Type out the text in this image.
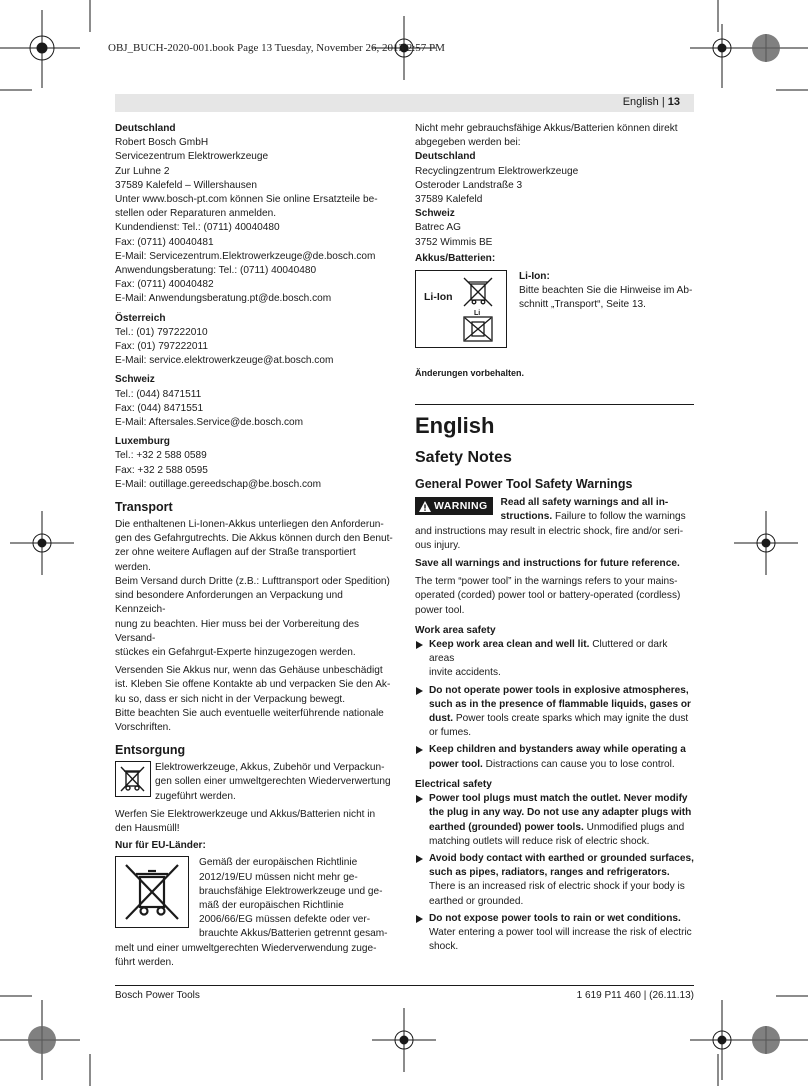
OBJ_BUCH-2020-001.book Page 13 Tuesday, November 26, 2013 2:57 PM
English | 13

Deutschland

Robert Bosch GmbH

Servicezentrum Elektrowerkzeuge

Zur Luhne 2

37589 Kalefeld – Willershausen

Unter www.bosch-pt.com können Sie online Ersatzteile be-

stellen oder Reparaturen anmelden.

Kundendienst: Tel.: (0711) 40040480

Fax: (0711) 40040481

E-Mail: Servicezentrum.Elektrowerkzeuge@de.bosch.com

Anwendungsberatung: Tel.: (0711) 40040480

Fax: (0711) 40040482

E-Mail: Anwendungsberatung.pt@de.bosch.com

Österreich

Tel.: (01) 797222010

Fax: (01) 797222011

E-Mail: service.elektrowerkzeuge@at.bosch.com

Schweiz

Tel.: (044) 8471511

Fax: (044) 8471551

E-Mail: Aftersales.Service@de.bosch.com

Luxemburg

Tel.: +32 2 588 0589

Fax: +32 2 588 0595

E-Mail: outillage.gereedschap@be.bosch.com

Transport

Die enthaltenen Li-Ionen-Akkus unterliegen den Anforderun-

gen des Gefahrgutrechts. Die Akkus können durch den Benut-

zer ohne weitere Auflagen auf der Straße transportiert werden.

Beim Versand durch Dritte (z.B.: Lufttransport oder Spedition)

sind besondere Anforderungen an Verpackung und Kennzeich-

nung zu beachten. Hier muss bei der Vorbereitung des Versand-

stückes ein Gefahrgut-Experte hinzugezogen werden.

Versenden Sie Akkus nur, wenn das Gehäuse unbeschädigt

ist. Kleben Sie offene Kontakte ab und verpacken Sie den Ak-

ku so, dass er sich nicht in der Verpackung bewegt.

Bitte beachten Sie auch eventuelle weiterführende nationale

Vorschriften.

Entsorgung

Elektrowerkzeuge, Akkus, Zubehör und Verpackun-

gen sollen einer umweltgerechten Wiederverwertung

zugeführt werden.

Werfen Sie Elektrowerkzeuge und Akkus/Batterien nicht in

den Hausmüll!

Nur für EU-Länder:

Gemäß der europäischen Richtlinie

2012/19/EU müssen nicht mehr ge-

brauchsfähige Elektrowerkzeuge und ge-

mäß der europäischen Richtlinie

2006/66/EG müssen defekte oder ver-

brauchte Akkus/Batterien getrennt gesam-

melt und einer umweltgerechten Wiederverwendung zuge-

führt werden.

Nicht mehr gebrauchsfähige Akkus/Batterien können direkt

abgegeben werden bei:

Deutschland

Recyclingzentrum Elektrowerkzeuge

Osteroder Landstraße 3

37589 Kalefeld

Schweiz

Batrec AG

3752 Wimmis BE

Akkus/Batterien:

Li-Ion
Li

Li-Ion:

Bitte beachten Sie die Hinweise im Ab-

schnitt „Transport“, Seite 13.

Änderungen vorbehalten.

English

Safety Notes

General Power Tool Safety Warnings

WARNING	Read all safety warnings and all in-

structions. Failure to follow the warnings

and instructions may result in electric shock, fire and/or seri-

ous injury.

Save all warnings and instructions for future reference.

The term “power tool” in the warnings refers to your mains-

operated (corded) power tool or battery-operated (cordless)

power tool.

Work area safety

Keep work area clean and well lit. Cluttered or dark areas

invite accidents.

Do not operate power tools in explosive atmospheres,

such as in the presence of flammable liquids, gases or

dust. Power tools create sparks which may ignite the dust

or fumes.

Keep children and bystanders away while operating a

power tool. Distractions can cause you to lose control.

Electrical safety

Power tool plugs must match the outlet. Never modify

the plug in any way. Do not use any adapter plugs with

earthed (grounded) power tools. Unmodified plugs and

matching outlets will reduce risk of electric shock.

Avoid body contact with earthed or grounded surfaces,

such as pipes, radiators, ranges and refrigerators.

There is an increased risk of electric shock if your body is

earthed or grounded.

Do not expose power tools to rain or wet conditions.

Water entering a power tool will increase the risk of electric

shock.

Bosch Power Tools	1 619 P11 460 | (26.11.13)
